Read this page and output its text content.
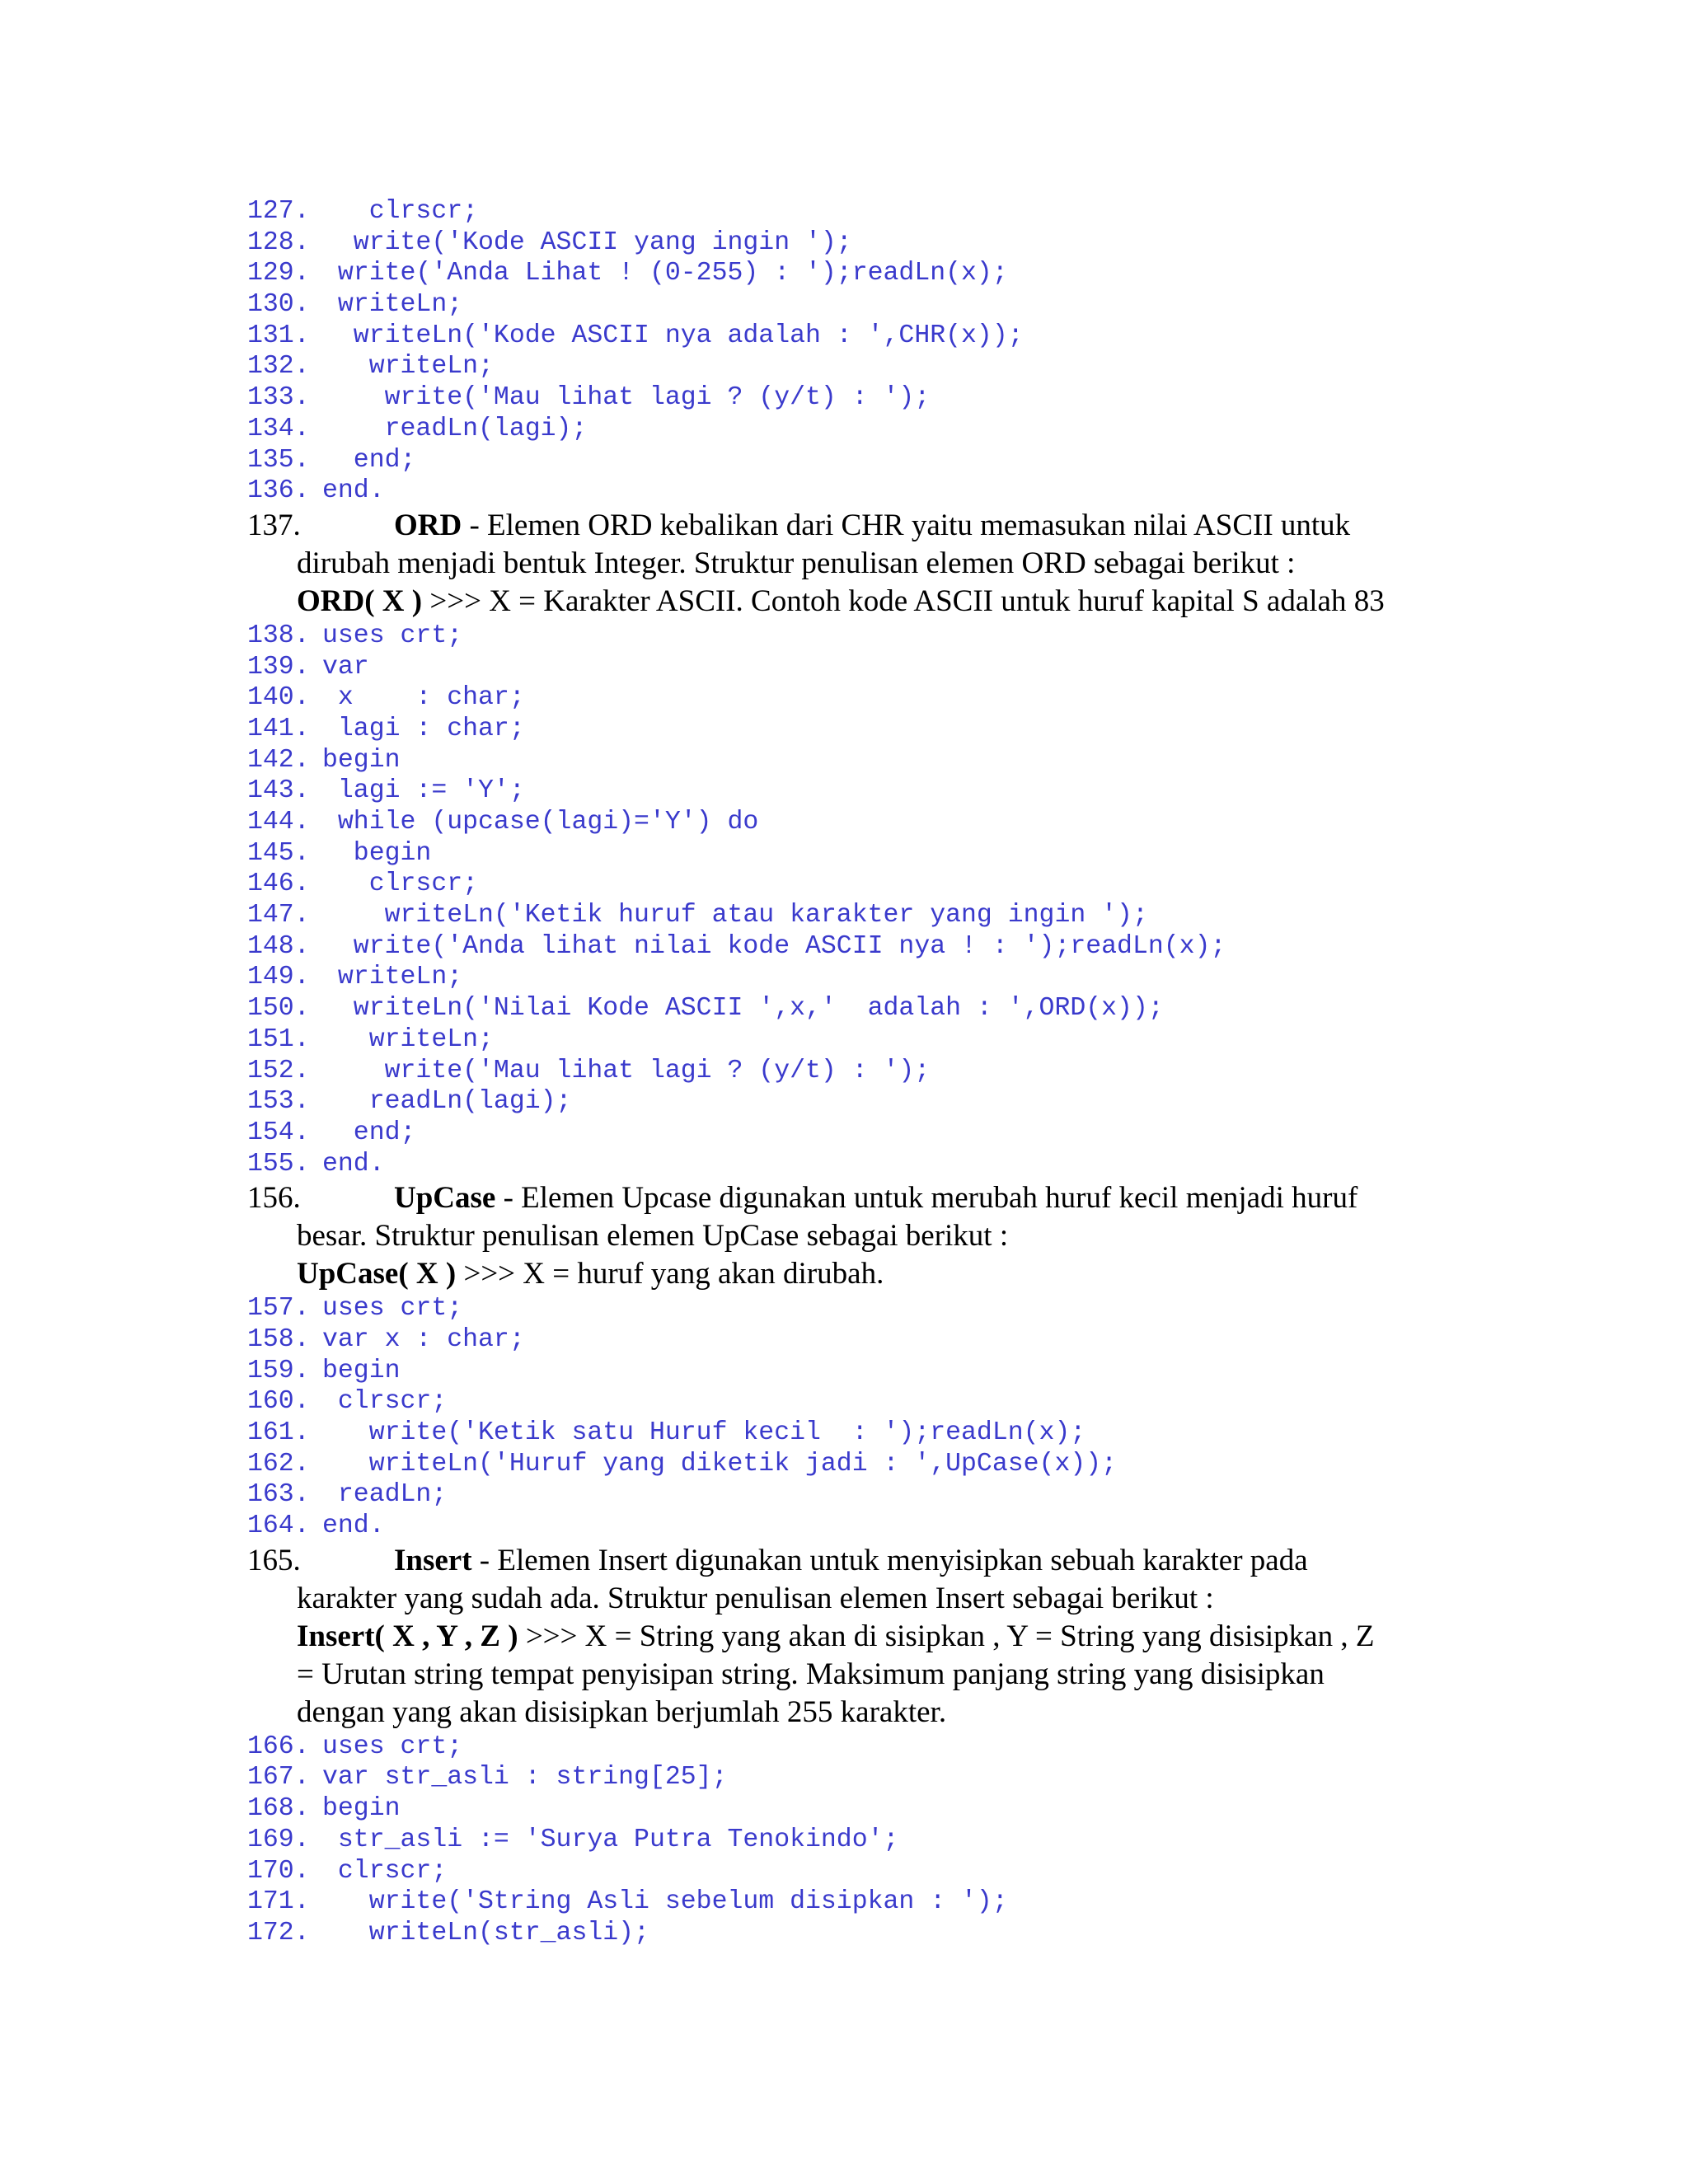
127.   clrscr;
128.  write('Kode ASCII yang ingin ');
129. write('Anda Lihat ! (0-255) : ');readLn(x);
130. writeLn;
131.  writeLn('Kode ASCII nya adalah : ',CHR(x));
132.   writeLn;
133.    write('Mau lihat lagi ? (y/t) : ');
134.    readLn(lagi);
135.  end;
136. end.
137.	ORD - Elemen ORD kebalikan dari CHR yaitu memasukan nilai ASCII untuk
dirubah menjadi bentuk Integer. Struktur penulisan elemen ORD sebagai berikut :
ORD( X ) >>> X = Karakter ASCII. Contoh kode ASCII untuk huruf kapital S adalah 83
138. uses crt;
139. var
140. x    : char;
141. lagi : char;
142. begin
143. lagi := 'Y';
144. while (upcase(lagi)='Y') do
145.  begin
146.   clrscr;
147.    writeLn('Ketik huruf atau karakter yang ingin ');
148.  write('Anda lihat nilai kode ASCII nya ! : ');readLn(x);
149. writeLn;
150.  writeLn('Nilai Kode ASCII ',x,'  adalah : ',ORD(x));
151.   writeLn;
152.    write('Mau lihat lagi ? (y/t) : ');
153.   readLn(lagi);
154.  end;
155. end.
156.	UpCase - Elemen Upcase digunakan untuk merubah huruf kecil menjadi huruf
besar. Struktur penulisan elemen UpCase sebagai berikut :
UpCase( X ) >>> X = huruf yang akan dirubah.
157. uses crt;
158. var x : char;
159. begin
160. clrscr;
161.   write('Ketik satu Huruf kecil  : ');readLn(x);
162.   writeLn('Huruf yang diketik jadi : ',UpCase(x));
163. readLn;
164. end.
165.	Insert - Elemen Insert digunakan untuk menyisipkan sebuah karakter pada
karakter yang sudah ada. Struktur penulisan elemen Insert sebagai berikut :
Insert( X , Y , Z ) >>> X = String yang akan di sisipkan , Y = String yang disisipkan , Z
= Urutan string tempat penyisipan string. Maksimum panjang string yang disisipkan
dengan yang akan disisipkan berjumlah 255 karakter.
166. uses crt;
167. var str_asli : string[25];
168. begin
169. str_asli := 'Surya Putra Tenokindo';
170. clrscr;
171.   write('String Asli sebelum disipkan : ');
172.   writeLn(str_asli);
